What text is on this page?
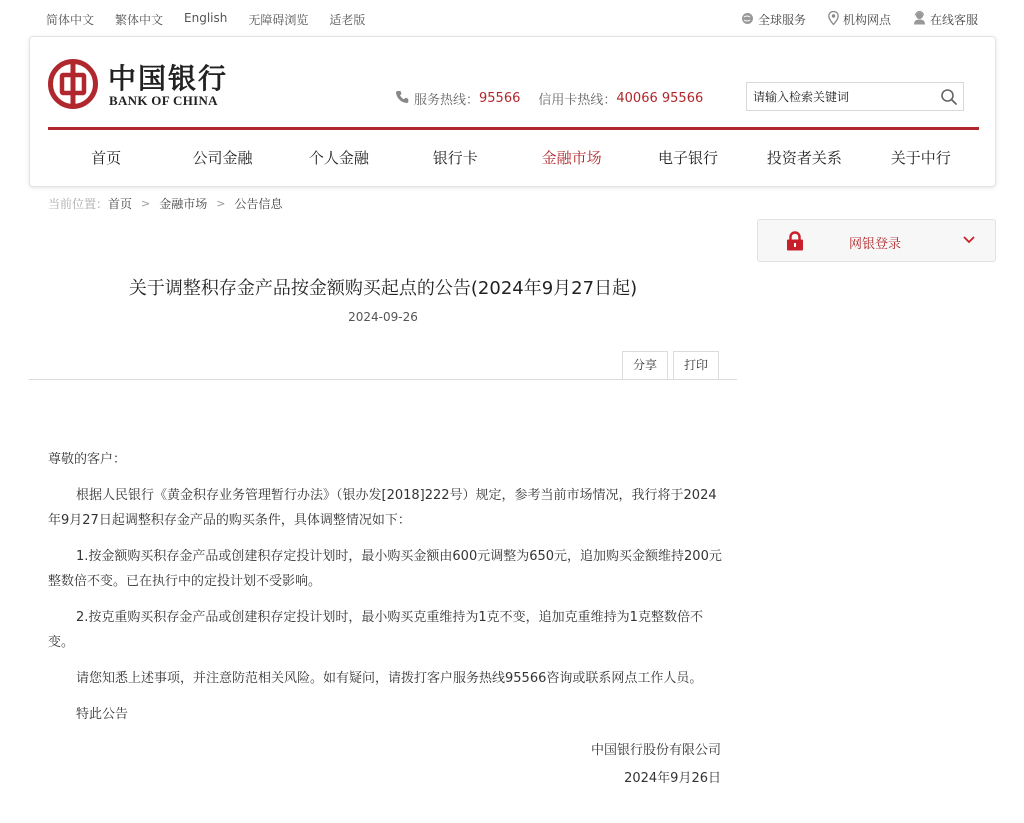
简体中文 繁体中文 English 无障碍浏览 适老版	全球服务	机构网点	在线客服
中国银行
BANK OF CHINA	服务热线： 95566 信用卡热线： 40066 95566
请输入检索关键词
首页	公司金融	个人金融	银行卡	金融市场	电子银行	投资者关系	关于中行
当前位置： 首页 > 金融市场 > 公告信息
网银登录
关于调整积存金产品按金额购买起点的公告(2024年9月27日起)
2024-09-26
分享	打印

尊敬的客户：

根据人民银行《黄金积存业务管理暂行办法》（银办发[2018]222号）规定，参考当前市场情况，我行将于2024年9月27日起调整积存金产品的购买条件，具体调整情况如下：

1.按金额购买积存金产品或创建积存定投计划时，最小购买金额由600元调整为650元，追加购买金额维持200元整数倍不变。已在执行中的定投计划不受影响。

2.按克重购买积存金产品或创建积存定投计划时，最小购买克重维持为1克不变，追加克重维持为1克整数倍不变。

请您知悉上述事项，并注意防范相关风险。如有疑问，请拨打客户服务热线95566咨询或联系网点工作人员。

特此公告

中国银行股份有限公司

2024年9月26日
